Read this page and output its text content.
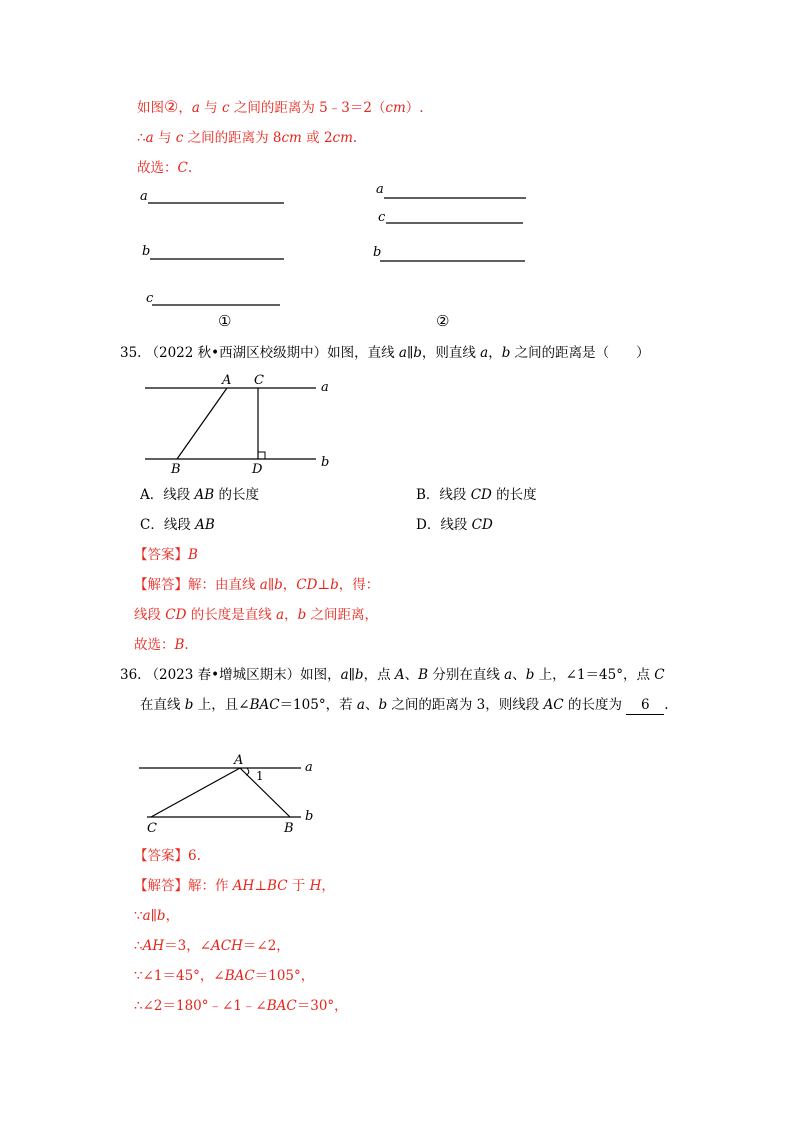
如图②，a 与 c 之间的距离为 5﹣3＝2（cm）.
∴a 与 c 之间的距离为 8cm 或 2cm.
故选：C.
a
b
c
①
a
c
b
②
35. （2022 秋•西湖区校级期中）如图，直线 a∥b，则直线 a，b 之间的距离是（　　）
A C	a
B	D	b
A．线段 AB 的长度	B．线段 CD 的长度
C．线段 AB	D．线段 CD
【答案】B
【解答】解：由直线 a∥b，CD⊥b，得：
线段 CD 的长度是直线 a，b 之间距离，
故选：B.
36. （2023 春•增城区期末）如图，a∥b，点 A、B 分别在直线 a、b 上，∠1＝45°，点 C
在直线 b 上，且∠BAC＝105°，若 a、b 之间的距离为 3，则线段 AC 的长度为 6 .
A
1
a
C	B
b
【答案】6.
【解答】解：作 AH⊥BC 于 H，
∵a∥b，
∴AH＝3，∠ACH＝∠2，
∵∠1＝45°，∠BAC＝105°，
∴∠2＝180°﹣∠1﹣∠BAC＝30°，
